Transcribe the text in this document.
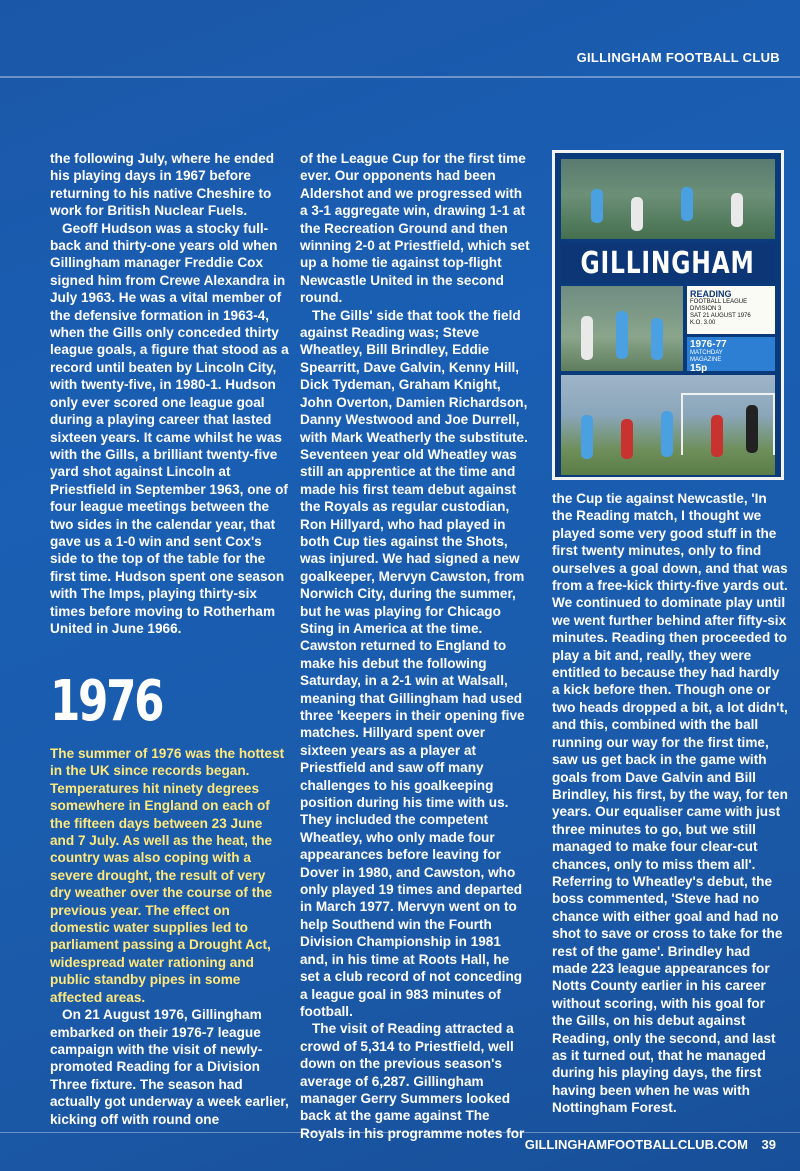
GILLINGHAM FOOTBALL CLUB

the following July, where he ended his playing days in 1967 before returning to his native Cheshire to work for British Nuclear Fuels.

Geoff Hudson was a stocky full-back and thirty-one years old when Gillingham manager Freddie Cox signed him from Crewe Alexandra in July 1963. He was a vital member of the defensive formation in 1963-4, when the Gills only conceded thirty league goals, a figure that stood as a record until beaten by Lincoln City, with twenty-five, in 1980-1. Hudson only ever scored one league goal during a playing career that lasted sixteen years. It came whilst he was with the Gills, a brilliant twenty-five yard shot against Lincoln at Priestfield in September 1963, one of four league meetings between the two sides in the calendar year, that gave us a 1-0 win and sent Cox's side to the top of the table for the first time. Hudson spent one season with The Imps, playing thirty-six times before moving to Rotherham United in June 1966.

1976

The summer of 1976 was the hottest in the UK since records began. Temperatures hit ninety degrees somewhere in England on each of the fifteen days between 23 June and 7 July. As well as the heat, the country was also coping with a severe drought, the result of very dry weather over the course of the previous year. The effect on domestic water supplies led to parliament passing a Drought Act, widespread water rationing and public standby pipes in some affected areas.

On 21 August 1976, Gillingham embarked on their 1976-7 league campaign with the visit of newly-promoted Reading for a Division Three fixture. The season had actually got underway a week earlier, kicking off with round one

of the League Cup for the first time ever. Our opponents had been Aldershot and we progressed with a 3-1 aggregate win, drawing 1-1 at the Recreation Ground and then winning 2-0 at Priestfield, which set up a home tie against top-flight Newcastle United in the second round.

The Gills' side that took the field against Reading was; Steve Wheatley, Bill Brindley, Eddie Spearritt, Dave Galvin, Kenny Hill, Dick Tydeman, Graham Knight, John Overton, Damien Richardson, Danny Westwood and Joe Durrell, with Mark Weatherly the substitute. Seventeen year old Wheatley was still an apprentice at the time and made his first team debut against the Royals as regular custodian, Ron Hillyard, who had played in both Cup ties against the Shots, was injured. We had signed a new goalkeeper, Mervyn Cawston, from Norwich City, during the summer, but he was playing for Chicago Sting in America at the time. Cawston returned to England to make his debut the following Saturday, in a 2-1 win at Walsall, meaning that Gillingham had used three 'keepers in their opening five matches. Hillyard spent over sixteen years as a player at Priestfield and saw off many challenges to his goalkeeping position during his time with us. They included the competent Wheatley, who only made four appearances before leaving for Dover in 1980, and Cawston, who only played 19 times and departed in March 1977. Mervyn went on to help Southend win the Fourth Division Championship in 1981 and, in his time at Roots Hall, he set a club record of not conceding a league goal in 983 minutes of football.

The visit of Reading attracted a crowd of 5,314 to Priestfield, well down on the previous season's average of 6,287. Gillingham manager Gerry Summers looked back at the game against The Royals in his programme notes for

GILLINGHAM
READING
FOOTBALL LEAGUE
DIVISION 3
SAT 21 AUGUST 1976
K.O. 3.00
1976-77
MATCHDAY
MAGAZINE
15p

the Cup tie against Newcastle, 'In the Reading match, I thought we played some very good stuff in the first twenty minutes, only to find ourselves a goal down, and that was from a free-kick thirty-five yards out. We continued to dominate play until we went further behind after fifty-six minutes. Reading then proceeded to play a bit and, really, they were entitled to because they had hardly a kick before then. Though one or two heads dropped a bit, a lot didn't, and this, combined with the ball running our way for the first time, saw us get back in the game with goals from Dave Galvin and Bill Brindley, his first, by the way, for ten years. Our equaliser came with just three minutes to go, but we still managed to make four clear-cut chances, only to miss them all'. Referring to Wheatley's debut, the boss commented, 'Steve had no chance with either goal and had no shot to save or cross to take for the rest of the game'. Brindley had made 223 league appearances for Notts County earlier in his career without scoring, with his goal for the Gills, on his debut against Reading, only the second, and last as it turned out, that he managed during his playing days, the first having been when he was with Nottingham Forest.

GILLINGHAMFOOTBALLCLUB.COM 39
